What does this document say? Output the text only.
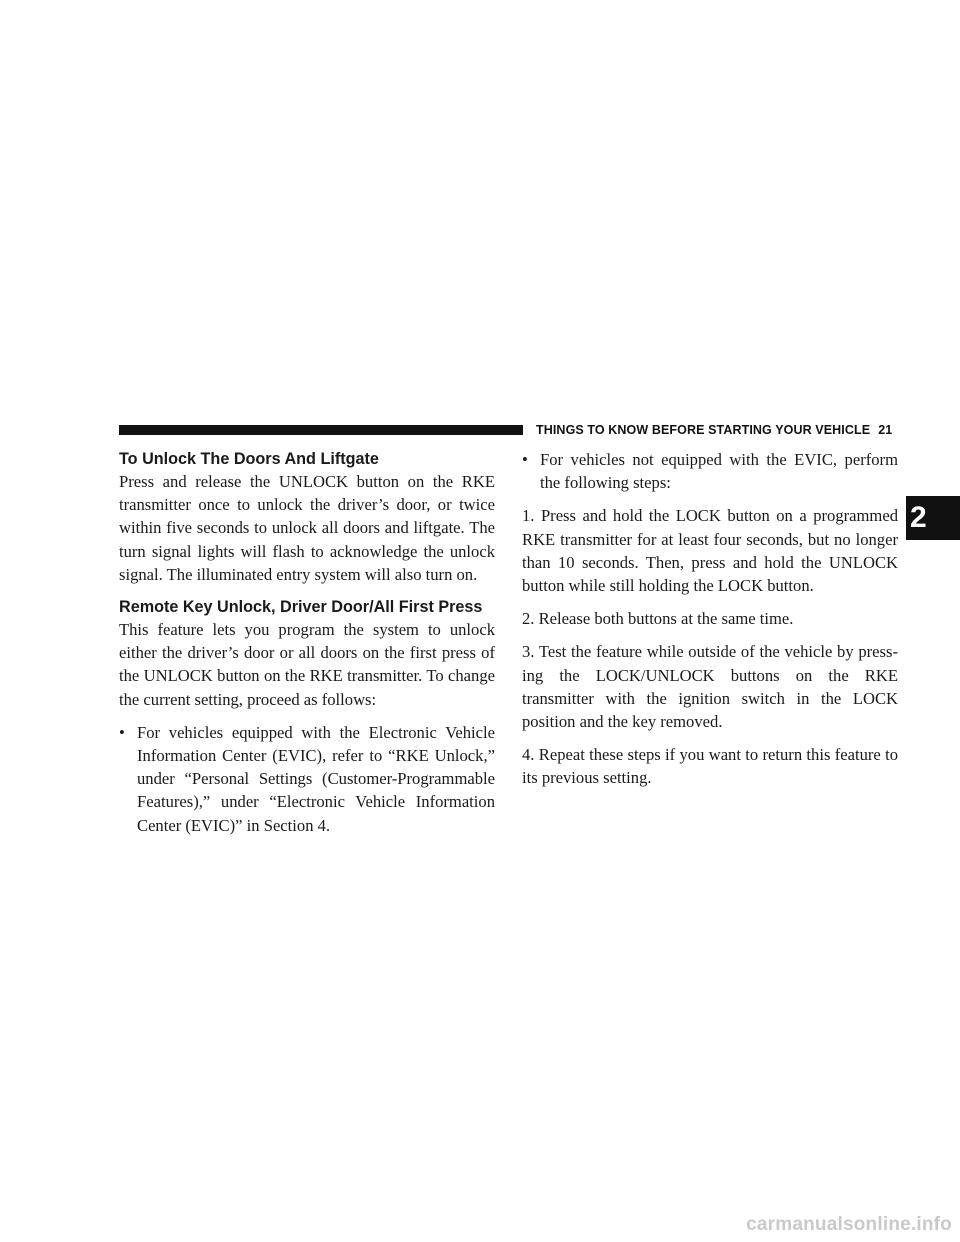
THINGS TO KNOW BEFORE STARTING YOUR VEHICLE 21
2
To Unlock The Doors And Liftgate

Press and release the UNLOCK button on the RKE transmitter once to unlock the driver’s door, or twice within five seconds to unlock all doors and liftgate. The turn signal lights will flash to acknowledge the unlock signal. The illuminated entry system will also turn on.

Remote Key Unlock, Driver Door/All First Press

This feature lets you program the system to unlock either the driver’s door or all doors on the first press of the UNLOCK button on the RKE transmitter. To change the current setting, proceed as follows:

• For vehicles equipped with the Electronic Vehicle Information Center (EVIC), refer to “RKE Unlock,” under “Personal Settings (Customer-Programmable Features),” under “Electronic Vehicle Information Center (EVIC)” in Section 4.
• For vehicles not equipped with the EVIC, perform the following steps:

1. Press and hold the LOCK button on a programmed RKE transmitter for at least four seconds, but no longer than 10 seconds. Then, press and hold the UNLOCK button while still holding the LOCK button.

2. Release both buttons at the same time.

3. Test the feature while outside of the vehicle by press-ing the LOCK/UNLOCK buttons on the RKE transmitter with the ignition switch in the LOCK position and the key removed.

4. Repeat these steps if you want to return this feature to its previous setting.

carmanualsonline.info
